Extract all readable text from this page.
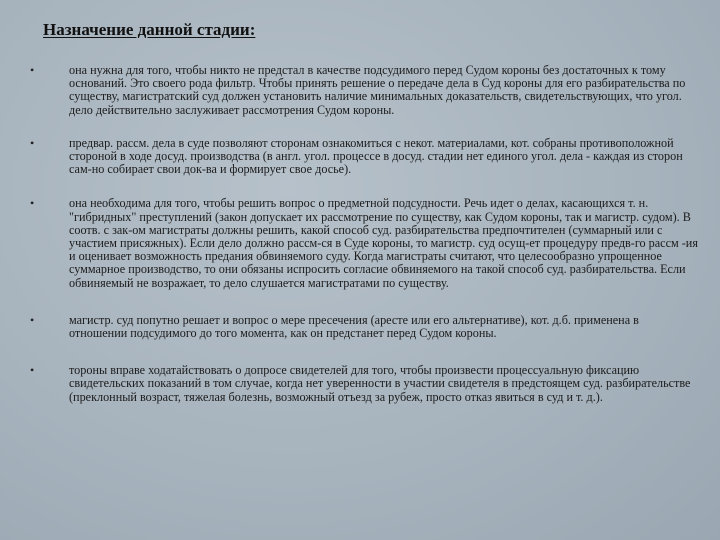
Назначение данной стадии:
•	она нужна для того, чтобы никто не предстал в качестве подсудимого перед Судом короны без достаточных к тому оснований. Это своего рода фильтр. Чтобы принять решение о передаче дела в Суд короны для его разбирательства по существу, магистратский суд должен установить наличие минимальных доказательств, свидетельствующих, что угол. дело действительно заслуживает рассмотрения Судом короны.
•	предвар. рассм. дела в суде позволяют сторонам ознакомиться с некот. материалами, кот. собраны противоположной стороной в ходе досуд. производства (в англ. угол. процессе в досуд. стадии нет единого угол. дела - каждая из сторон сам-но собирает свои док-ва и формирует свое досье).
•	она необходима для того, чтобы решить вопрос о предметной подсудности. Речь идет о делах, касающихся т. н. "гибридных" преступлений (закон допускает их рассмотрение по существу, как Судом короны, так и магистр. судом). В соотв. с зак-ом магистраты должны решить, какой способ суд. разбирательства предпочтителен (суммарный или с участием присяжных). Если дело должно рассм-ся в Суде короны, то магистр. суд осущ-ет процедуру предв-го рассм -ия и оценивает возможность предания обвиняемого суду. Когда магистраты считают, что целесообразно упрощенное суммарное производство, то они обязаны испросить согласие обвиняемого на такой способ суд. разбирательства. Если обвиняемый не возражает, то дело слушается магистратами по существу.
•	магистр. суд попутно решает и вопрос о мере пресечения (аресте или его альтернативе), кот. д.б. применена в отношении подсудимого до того момента, как он предстанет перед Судом короны.
•	тороны вправе ходатайствовать о допросе свидетелей для того, чтобы произвести процессуальную фиксацию свидетельских показаний в том случае, когда нет уверенности в участии свидетеля в предстоящем суд. разбирательстве (преклонный возраст, тяжелая болезнь, возможный отъезд за рубеж, просто отказ явиться в суд и т. д.).
